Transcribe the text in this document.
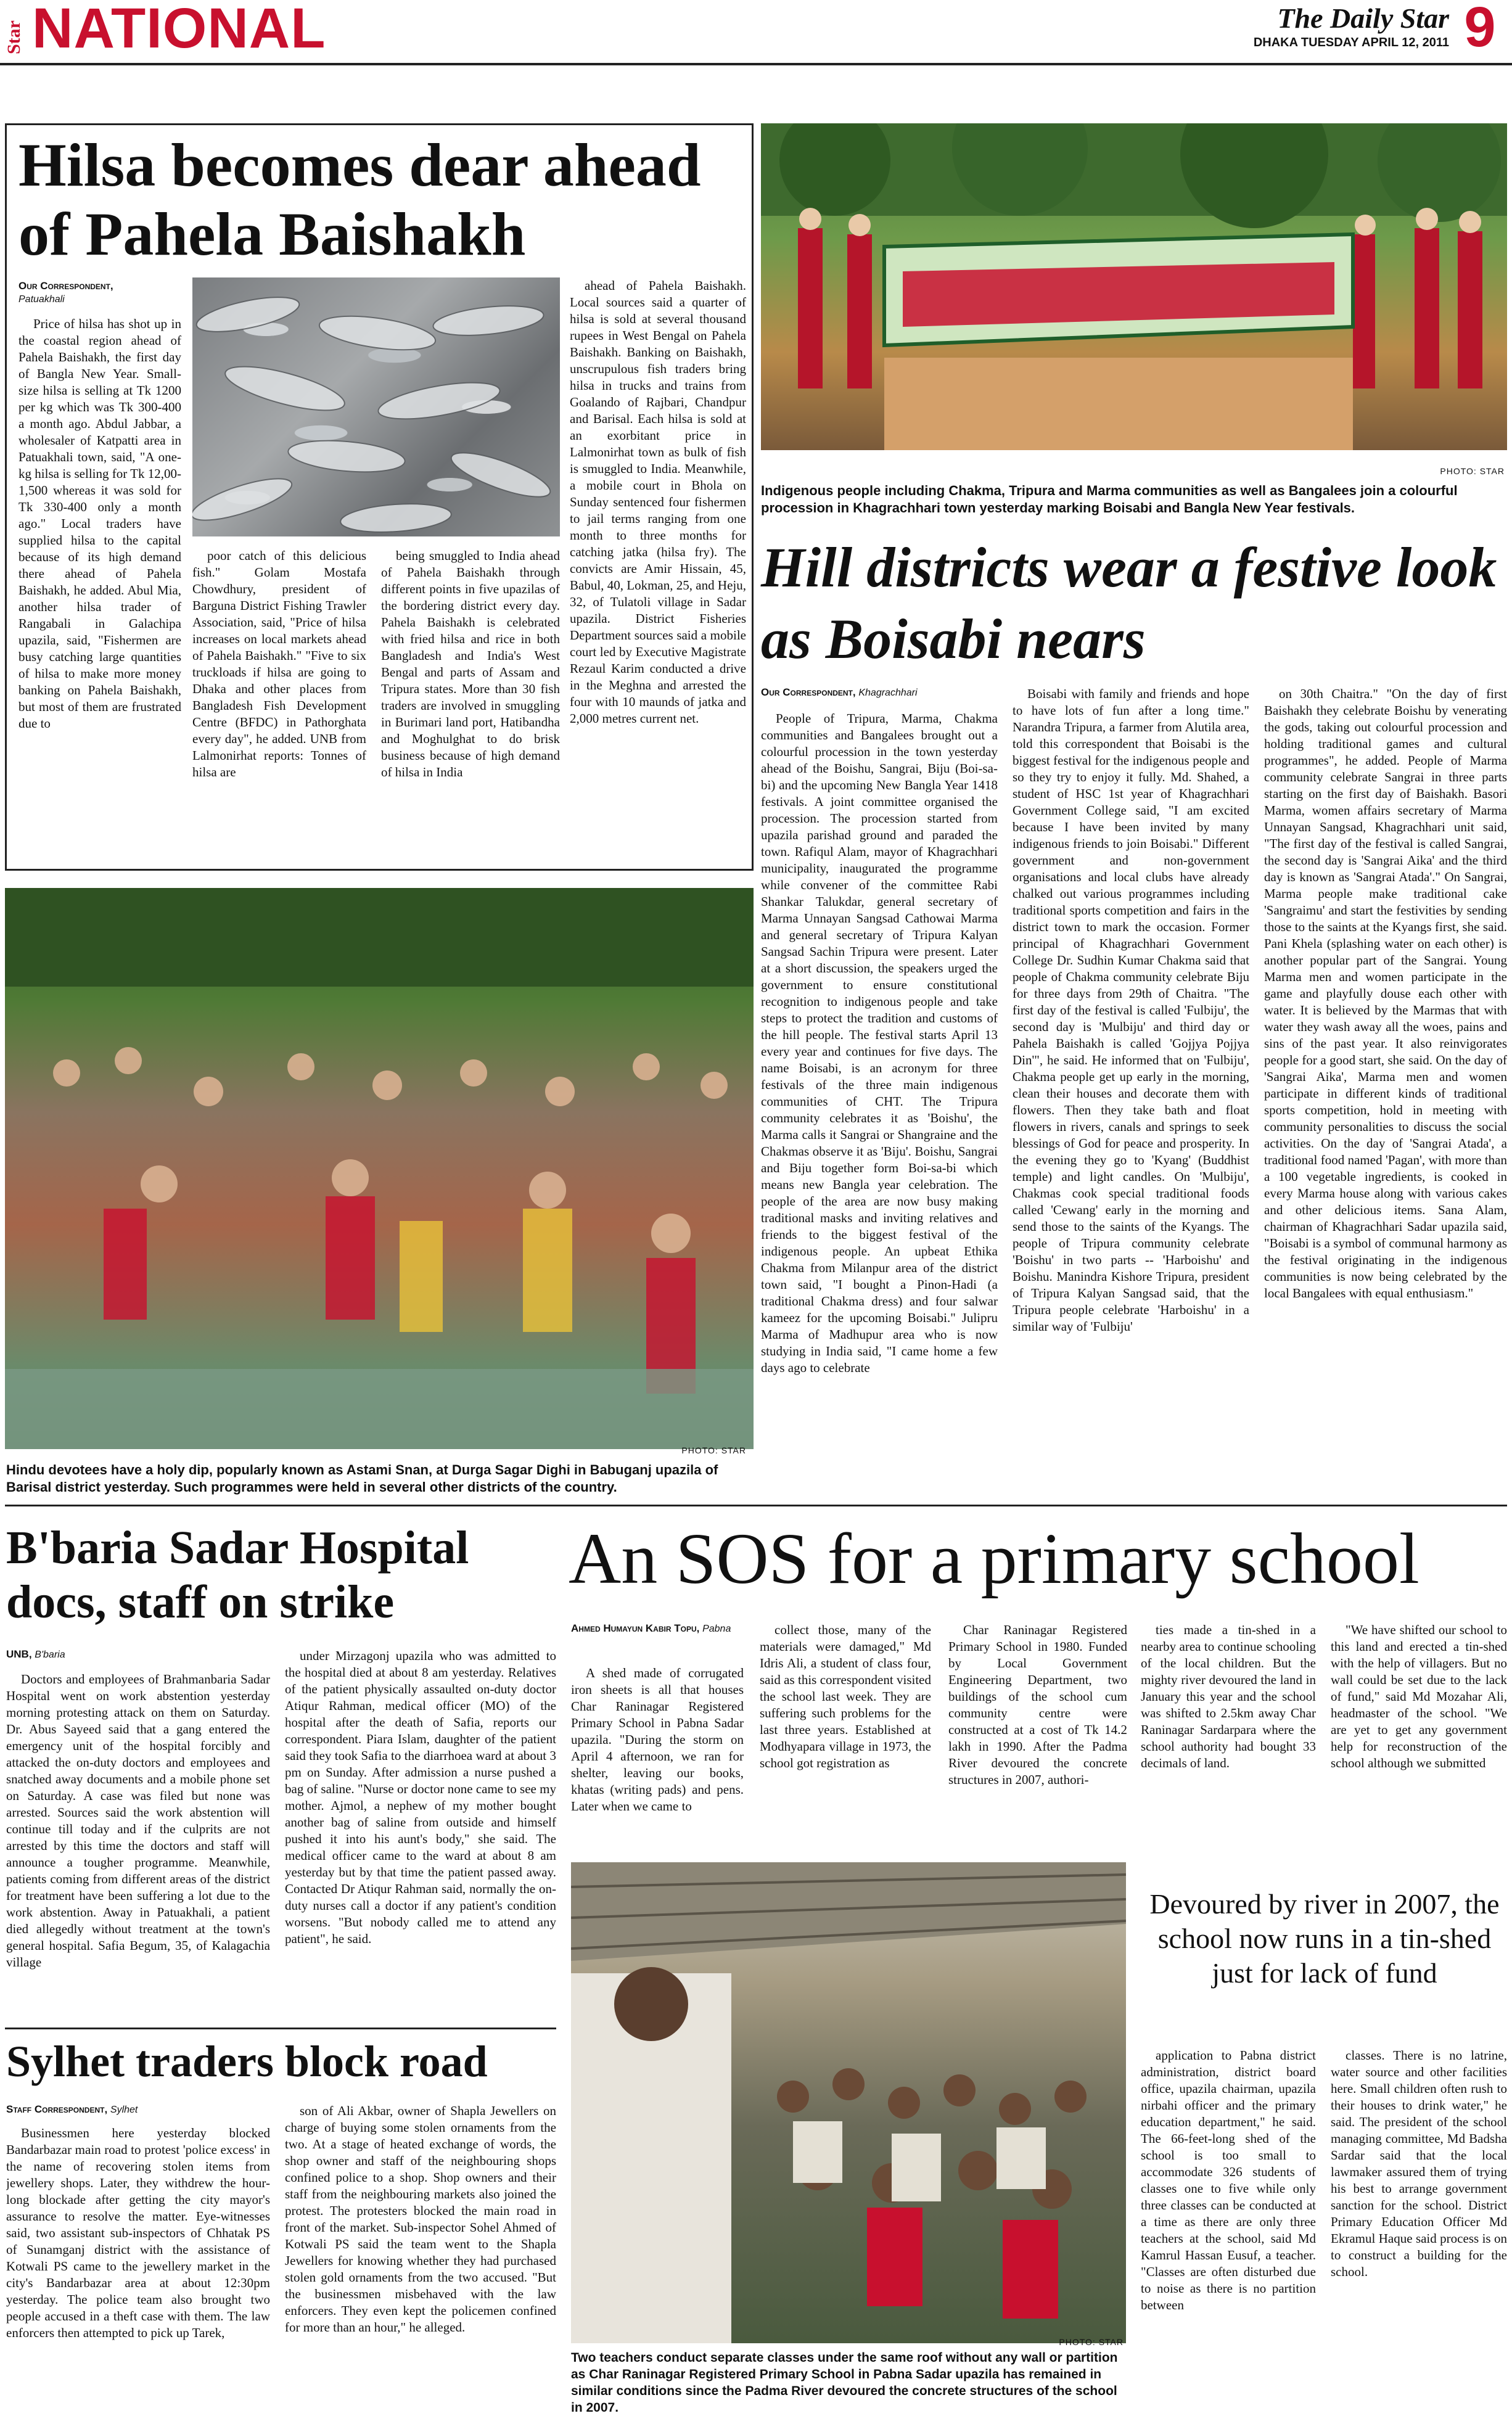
Star NATIONAL	The Daily Star
DHAKA TUESDAY APRIL 12, 2011 9
Hilsa becomes dear ahead of Pahela Baishakh
Our Correspondent,
Patuakhali

Price of hilsa has shot up in the coastal region ahead of Pahela Baishakh, the first day of Bangla New Year. Small-size hilsa is selling at Tk 1200 per kg which was Tk 300-400 a month ago. Abdul Jabbar, a wholesaler of Katpatti area in Patuakhali town, said, "A one-kg hilsa is selling for Tk 12,00-1,500 whereas it was sold for Tk 330-400 only a month ago." Local traders have supplied hilsa to the capital because of its high demand there ahead of Pahela Baishakh, he added. Abul Mia, another hilsa trader of Rangabali in Galachipa upazila, said, "Fishermen are busy catching large quantities of hilsa to make more money banking on Pahela Baishakh, but most of them are frustrated due to

poor catch of this delicious fish." Golam Mostafa Chowdhury, president of Barguna District Fishing Trawler Association, said, "Price of hilsa increases on local markets ahead of Pahela Baishakh." "Five to six truckloads if hilsa are going to Dhaka and other places from Bangladesh Fish Development Centre (BFDC) in Pathorghata every day", he added. UNB from Lalmonirhat reports: Tonnes of hilsa are

being smuggled to India ahead of Pahela Baishakh through different points in five upazilas of the bordering district every day. Pahela Baishakh is celebrated with fried hilsa and rice in both Bangladesh and India's West Bengal and parts of Assam and Tripura states. More than 30 fish traders are involved in smuggling in Burimari land port, Hatibandha and Moghulghat to do brisk business because of high demand of hilsa in India

ahead of Pahela Baishakh. Local sources said a quarter of hilsa is sold at several thousand rupees in West Bengal on Pahela Baishakh. Banking on Baishakh, unscrupulous fish traders bring hilsa in trucks and trains from Goalando of Rajbari, Chandpur and Barisal. Each hilsa is sold at an exorbitant price in Lalmonirhat town as bulk of fish is smuggled to India. Meanwhile, a mobile court in Bhola on Sunday sentenced four fishermen to jail terms ranging from one month to three months for catching jatka (hilsa fry). The convicts are Amir Hissain, 45, Babul, 40, Lokman, 25, and Heju, 32, of Tulatoli village in Sadar upazila. District Fisheries Department sources said a mobile court led by Executive Magistrate Rezaul Karim conducted a drive in the Meghna and arrested the four with 10 maunds of jatka and 2,000 metres current net.

PHOTO: STAR
Indigenous people including Chakma, Tripura and Marma communities as well as Bangalees join a colourful procession in Khagrachhari town yesterday marking Boisabi and Bangla New Year festivals.
Hill districts wear a festive look as Boisabi nears
Our Correspondent, Khagrachhari

People of Tripura, Marma, Chakma communities and Bangalees brought out a colourful procession in the town yesterday ahead of the Boishu, Sangrai, Biju (Boi-sa-bi) and the upcoming New Bangla Year 1418 festivals. A joint committee organised the procession. The procession started from upazila parishad ground and paraded the town. Rafiqul Alam, mayor of Khagrachhari municipality, inaugurated the programme while convener of the committee Rabi Shankar Talukdar, general secretary of Marma Unnayan Sangsad Cathowai Marma and general secretary of Tripura Kalyan Sangsad Sachin Tripura were present. Later at a short discussion, the speakers urged the government to ensure constitutional recognition to indigenous people and take steps to protect the tradition and customs of the hill people. The festival starts April 13 every year and continues for five days. The name Boisabi, is an acronym for three festivals of the three main indigenous communities of CHT. The Tripura community celebrates it as 'Boishu', the Marma calls it Sangrai or Shangraine and the Chakmas observe it as 'Biju'. Boishu, Sangrai and Biju together form Boi-sa-bi which means new Bangla year celebration. The people of the area are now busy making traditional masks and inviting relatives and friends to the biggest festival of the indigenous people. An upbeat Ethika Chakma from Milanpur area of the district town said, "I bought a Pinon-Hadi (a traditional Chakma dress) and four salwar kameez for the upcoming Boisabi." Julipru Marma of Madhupur area who is now studying in India said, "I came home a few days ago to celebrate

Boisabi with family and friends and hope to have lots of fun after a long time." Narandra Tripura, a farmer from Alutila area, told this correspondent that Boisabi is the biggest festival for the indigenous people and so they try to enjoy it fully. Md. Shahed, a student of HSC 1st year of Khagrachhari Government College said, "I am excited because I have been invited by many indigenous friends to join Boisabi." Different government and non-government organisations and local clubs have already chalked out various programmes including traditional sports competition and fairs in the district town to mark the occasion. Former principal of Khagrachhari Government College Dr. Sudhin Kumar Chakma said that people of Chakma community celebrate Biju for three days from 29th of Chaitra. "The first day of the festival is called 'Fulbiju', the second day is 'Mulbiju' and third day or Pahela Baishakh is called 'Gojjya Pojjya Din'", he said. He informed that on 'Fulbiju', Chakma people get up early in the morning, clean their houses and decorate them with flowers. Then they take bath and float flowers in rivers, canals and springs to seek blessings of God for peace and prosperity. In the evening they go to 'Kyang' (Buddhist temple) and light candles. On 'Mulbiju', Chakmas cook special traditional foods called 'Cewang' early in the morning and send those to the saints of the Kyangs. The people of Tripura community celebrate 'Boishu' in two parts -- 'Harboishu' and Boishu. Manindra Kishore Tripura, president of Tripura Kalyan Sangsad said, that the Tripura people celebrate 'Harboishu' in a similar way of 'Fulbiju'

on 30th Chaitra." "On the day of first Baishakh they celebrate Boishu by venerating the gods, taking out colourful procession and holding traditional games and cultural programmes", he added. People of Marma community celebrate Sangrai in three parts starting on the first day of Baishakh. Basori Marma, women affairs secretary of Marma Unnayan Sangsad, Khagrachhari unit said, "The first day of the festival is called Sangrai, the second day is 'Sangrai Aika' and the third day is known as 'Sangrai Atada'." On Sangrai, Marma people make traditional cake 'Sangraimu' and start the festivities by sending those to the saints at the Kyangs first, she said. Pani Khela (splashing water on each other) is another popular part of the Sangrai. Young Marma men and women participate in the game and playfully douse each other with water. It is believed by the Marmas that with water they wash away all the woes, pains and sins of the past year. It also reinvigorates people for a good start, she said. On the day of 'Sangrai Aika', Marma men and women participate in different kinds of traditional sports competition, hold in meeting with community personalities to discuss the social activities. On the day of 'Sangrai Atada', a traditional food named 'Pagan', with more than a 100 vegetable ingredients, is cooked in every Marma house along with various cakes and other delicious items. Sana Alam, chairman of Khagrachhari Sadar upazila said, "Boisabi is a symbol of communal harmony as the festival originating in the indigenous communities is now being celebrated by the local Bangalees with equal enthusiasm."

PHOTO: STAR
Hindu devotees have a holy dip, popularly known as Astami Snan, at Durga Sagar Dighi in Babuganj upazila of Barisal district yesterday. Such programmes were held in several other districts of the country.
B'baria Sadar Hospital docs, staff on strike
UNB, B'baria

Doctors and employees of Brahmanbaria Sadar Hospital went on work abstention yesterday morning protesting attack on them on Saturday. Dr. Abus Sayeed said that a gang entered the emergency unit of the hospital forcibly and attacked the on-duty doctors and employees and snatched away documents and a mobile phone set on Saturday. A case was filed but none was arrested. Sources said the work abstention will continue till today and if the culprits are not arrested by this time the doctors and staff will announce a tougher programme. Meanwhile, patients coming from different areas of the district for treatment have been suffering a lot due to the work abstention. Away in Patuakhali, a patient died allegedly without treatment at the town's general hospital. Safia Begum, 35, of Kalagachia village

under Mirzagonj upazila who was admitted to the hospital died at about 8 am yesterday. Relatives of the patient physically assaulted on-duty doctor Atiqur Rahman, medical officer (MO) of the hospital after the death of Safia, reports our correspondent. Piara Islam, daughter of the patient said they took Safia to the diarrhoea ward at about 3 pm on Sunday. After admission a nurse pushed a bag of saline. "Nurse or doctor none came to see my mother. Ajmol, a nephew of my mother bought another bag of saline from outside and himself pushed it into his aunt's body," she said. The medical officer came to the ward at about 8 am yesterday but by that time the patient passed away. Contacted Dr Atiqur Rahman said, normally the on-duty nurses call a doctor if any patient's condition worsens. "But nobody called me to attend any patient", he said.

Sylhet traders block road
Staff Correspondent, Sylhet

Businessmen here yesterday blocked Bandarbazar main road to protest 'police excess' in the name of recovering stolen items from jewellery shops. Later, they withdrew the hour-long blockade after getting the city mayor's assurance to resolve the matter. Eye-witnesses said, two assistant sub-inspectors of Chhatak PS of Sunamganj district with the assistance of Kotwali PS came to the jewellery market in the city's Bandarbazar area at about 12:30pm yesterday. The police team also brought two people accused in a theft case with them. The law enforcers then attempted to pick up Tarek,

son of Ali Akbar, owner of Shapla Jewellers on charge of buying some stolen ornaments from the two. At a stage of heated exchange of words, the shop owner and staff of the neighbouring shops confined police to a shop. Shop owners and their staff from the neighbouring markets also joined the protest. The protesters blocked the main road in front of the market. Sub-inspector Sohel Ahmed of Kotwali PS said the team went to the Shapla Jewellers for knowing whether they had purchased stolen gold ornaments from the two accused. "But the businessmen misbehaved with the law enforcers. They even kept the policemen confined for more than an hour," he alleged.

An SOS for a primary school
Ahmed Humayun Kabir Topu, Pabna

A shed made of corrugated iron sheets is all that houses Char Raninagar Registered Primary School in Pabna Sadar upazila. "During the storm on April 4 afternoon, we ran for shelter, leaving our books, khatas (writing pads) and pens. Later when we came to

collect those, many of the materials were damaged," Md Idris Ali, a student of class four, said as this correspondent visited the school last week. They are suffering such problems for the last three years. Established at Modhyapara village in 1973, the school got registration as

Char Raninagar Registered Primary School in 1980. Funded by Local Government Engineering Department, two buildings of the school cum community centre were constructed at a cost of Tk 14.2 lakh in 1990. After the Padma River devoured the concrete structures in 2007, authori-

ties made a tin-shed in a nearby area to continue schooling of the local children. But the mighty river devoured the land in January this year and the school was shifted to 2.5km away Char Raninagar Sardarpara where the school authority had bought 33 decimals of land.

"We have shifted our school to this land and erected a tin-shed with the help of villagers. But no wall could be set due to the lack of fund," said Md Mozahar Ali, headmaster of the school. "We are yet to get any government help for reconstruction of the school although we submitted

Devoured by river in 2007, the school now runs in a tin-shed just for lack of fund
PHOTO: STAR
Two teachers conduct separate classes under the same roof without any wall or partition as Char Raninagar Registered Primary School in Pabna Sadar upazila has remained in similar conditions since the Padma River devoured the concrete structures of the school in 2007.

application to Pabna district administration, district board office, upazila chairman, upazila nirbahi officer and the primary education department," he said. The 66-feet-long shed of the school is too small to accommodate 326 students of classes one to five while only three classes can be conducted at a time as there are only three teachers at the school, said Md Kamrul Hassan Eusuf, a teacher. "Classes are often disturbed due to noise as there is no partition between

classes. There is no latrine, water source and other facilities here. Small children often rush to their houses to drink water," he said. The president of the school managing committee, Md Badsha Sardar said that the local lawmaker assured them of trying his best to arrange government sanction for the school. District Primary Education Officer Md Ekramul Haque said process is on to construct a building for the school.
